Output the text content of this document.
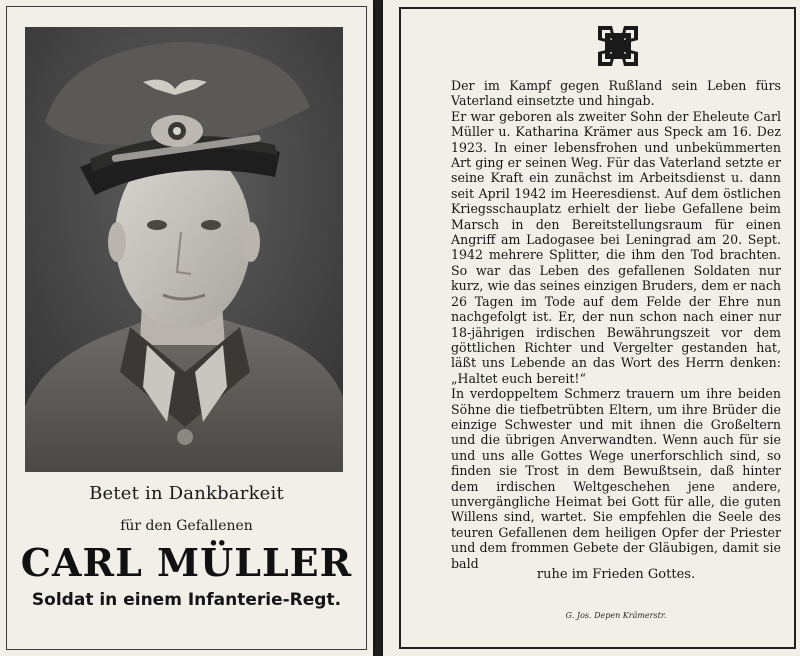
Betet in Dankbarkeit
für den Gefallenen
CARL MÜLLER
Soldat in einem Infanterie-Regt.

Der im Kampf gegen Rußland sein Leben fürs Vaterland einsetzte und hingab.

Er war geboren als zweiter Sohn der Eheleute Carl Müller u. Katharina Krämer aus Speck am 16. Dez 1923. In einer lebensfrohen und unbekümmerten Art ging er seinen Weg. Für das Vaterland setzte er seine Kraft ein zunächst im Arbeitsdienst u. dann seit April 1942 im Heeresdienst. Auf dem östlichen Kriegsschauplatz erhielt der liebe Gefallene beim Marsch in den Bereitstellungsraum für einen Angriff am Ladogasee bei Leningrad am 20. Sept. 1942 mehrere Splitter, die ihm den Tod brachten. So war das Leben des gefallenen Soldaten nur kurz, wie das seines einzigen Bruders, dem er nach 26 Tagen im Tode auf dem Felde der Ehre nun nachgefolgt ist. Er, der nun schon nach einer nur 18-jährigen irdischen Bewährungszeit vor dem göttlichen Richter und Vergelter gestanden hat, läßt uns Lebende an das Wort des Herrn denken: „Haltet euch bereit!“

In verdoppeltem Schmerz trauern um ihre beiden Söhne die tiefbetrübten Eltern, um ihre Brüder die einzige Schwester und mit ihnen die Großeltern und die übrigen Anverwandten. Wenn auch für sie und uns alle Gottes Wege unerforschlich sind, so finden sie Trost in dem Bewußtsein, daß hinter dem irdischen Weltgeschehen jene andere, unvergängliche Heimat bei Gott für alle, die guten Willens sind, wartet. Sie empfehlen die Seele des teuren Gefallenen dem heiligen Opfer der Priester und dem frommen Gebete der Gläubigen, damit sie bald

ruhe im Frieden Gottes.
G. Jos. Depen Krämerstr.
